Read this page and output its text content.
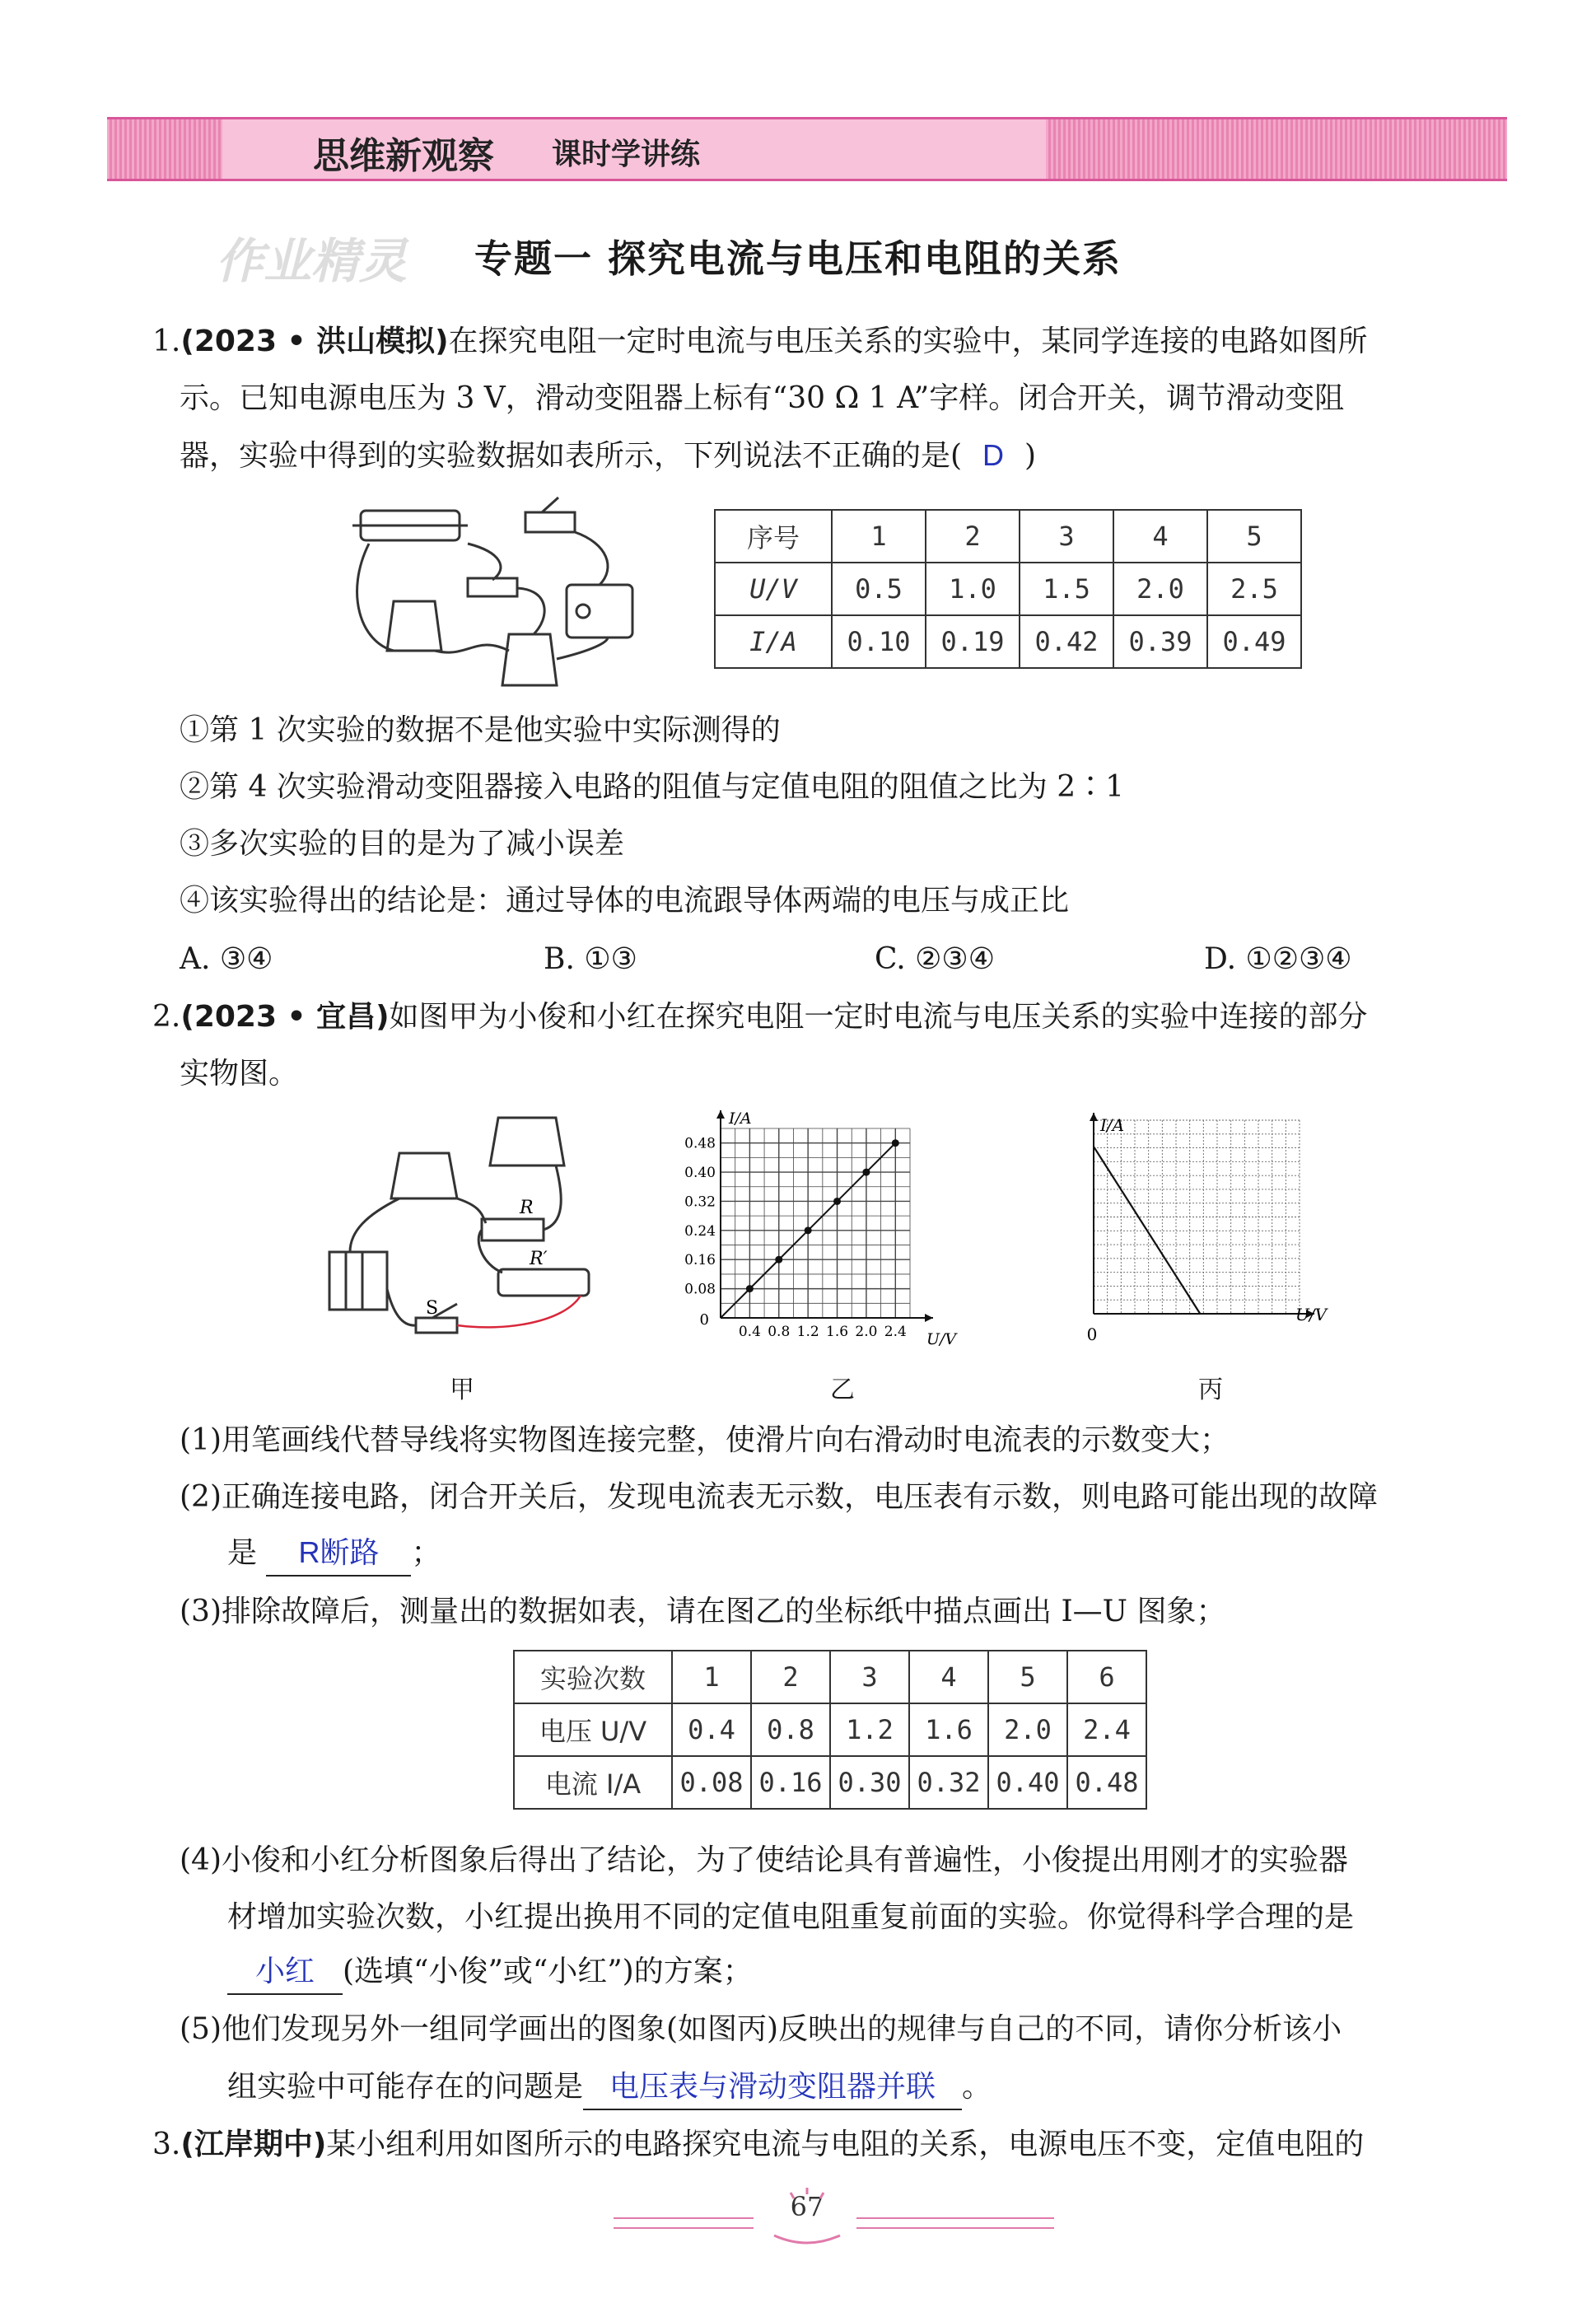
思维新观察 课时学讲练
作业精灵	专题一 探究电流与电压和电阻的关系
1.(2023 • 洪山模拟)在探究电阻一定时电流与电压关系的实验中，某同学连接的电路如图所
示。已知电源电压为 3 V，滑动变阻器上标有“30 Ω 1 A”字样。闭合开关，调节滑动变阻
器，实验中得到的实验数据如表所示，下列说法不正确的是( D )
序号	1	2	3	4	5
U/V	0.5	1.0	1.5	2.0	2.5
I/A	0.10	0.19	0.42	0.39	0.49
①第 1 次实验的数据不是他实验中实际测得的
②第 4 次实验滑动变阻器接入电路的阻值与定值电阻的阻值之比为 2∶1
③多次实验的目的是为了减小误差
④该实验得出的结论是：通过导体的电流跟导体两端的电压与成正比
A. ③④	B. ①③	C. ②③④	D. ①②③④
2.(2023 • 宜昌)如图甲为小俊和小红在探究电阻一定时电流与电压关系的实验中连接的部分
实物图。
R
R′
S
甲
0.4 0.8 1.2 1.6 2.0 2.4
0.08
0.16
0.24
0.32
0.40
0.48
0
U/V
I/A
乙
0
U/V
I/A
丙
(1)用笔画线代替导线将实物图连接完整，使滑片向右滑动时电流表的示数变大；
(2)正确连接电路，闭合开关后，发现电流表无示数，电压表有示数，则电路可能出现的故障
是 R断路 ；
(3)排除故障后，测量出的数据如表，请在图乙的坐标纸中描点画出 I—U 图象；
实验次数	1	2	3	4	5	6
电压 U/V	0.4	0.8	1.2	1.6	2.0	2.4
电流 I/A	0.08	0.16	0.30	0.32	0.40	0.48
(4)小俊和小红分析图象后得出了结论，为了使结论具有普遍性，小俊提出用刚才的实验器
材增加实验次数，小红提出换用不同的定值电阻重复前面的实验。你觉得科学合理的是
小红 (选填“小俊”或“小红”)的方案；
(5)他们发现另外一组同学画出的图象(如图丙)反映出的规律与自己的不同，请你分析该小
组实验中可能存在的问题是 电压表与滑动变阻器并联 。
3.(江岸期中)某小组利用如图所示的电路探究电流与电阻的关系，电源电压不变，定值电阻的
67
